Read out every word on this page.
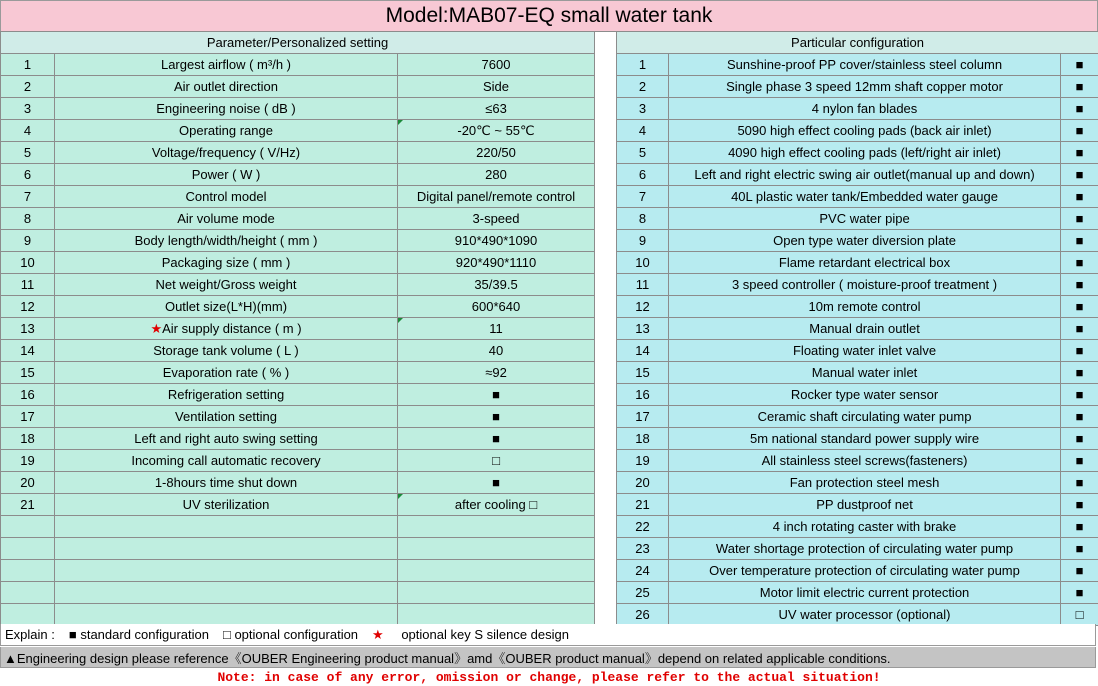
Model:MAB07-EQ small water tank
Parameter/Personalized setting				Particular configuration		
1	Largest airflow ( m³/h )	7600		1	Sunshine-proof PP cover/stainless steel column	■
2	Air outlet direction	Side		2	Single phase 3 speed 12mm shaft copper motor	■
3	Engineering noise ( dB )	≤63		3	4 nylon fan blades	■
4	Operating range	-20℃ ~ 55℃		4	5090 high effect cooling pads (back air inlet)	■
5	Voltage/frequency ( V/Hz)	220/50		5	4090 high effect cooling pads (left/right air inlet)	■
6	Power ( W )	280		6	Left and right electric swing air outlet(manual up and down)	■
7	Control model	Digital panel/remote control		7	40L plastic water tank/Embedded water gauge	■
8	Air volume mode	3-speed		8	PVC water pipe	■
9	Body length/width/height ( mm )	910*490*1090		9	Open type water diversion plate	■
10	Packaging size ( mm )	920*490*1110		10	Flame retardant electrical box	■
11	Net weight/Gross weight	35/39.5		11	3 speed controller ( moisture-proof treatment )	■
12	Outlet size(L*H)(mm)	600*640		12	10m remote control	■
13	★Air supply distance ( m )	11		13	Manual drain outlet	■
14	Storage tank volume ( L )	40		14	Floating water inlet valve	■
15	Evaporation rate ( % )	≈92		15	Manual water inlet	■
16	Refrigeration setting	■		16	Rocker type water sensor	■
17	Ventilation setting	■		17	Ceramic shaft circulating water pump	■
18	Left and right auto swing setting	■		18	5m national standard power supply wire	■
19	Incoming call automatic recovery	□		19	All stainless steel screws(fasteners)	■
20	1-8hours time shut down	■		20	Fan protection steel mesh	■
21	UV sterilization	after cooling □		21	PP dustproof net	■
				22	4 inch rotating caster with brake	■
				23	Water shortage protection of circulating water pump	■
				24	Over temperature protection of circulating water pump	■
				25	Motor limit electric current protection	■
				26	UV water processor (optional)	□
Explain : ■ standard configuration □ optional configuration ★ optional key S silence design
▲Engineering design please reference《OUBER Engineering product manual》amd《OUBER product manual》depend on related applicable conditions.
Note: in case of any error, omission or change, please refer to the actual situation!
